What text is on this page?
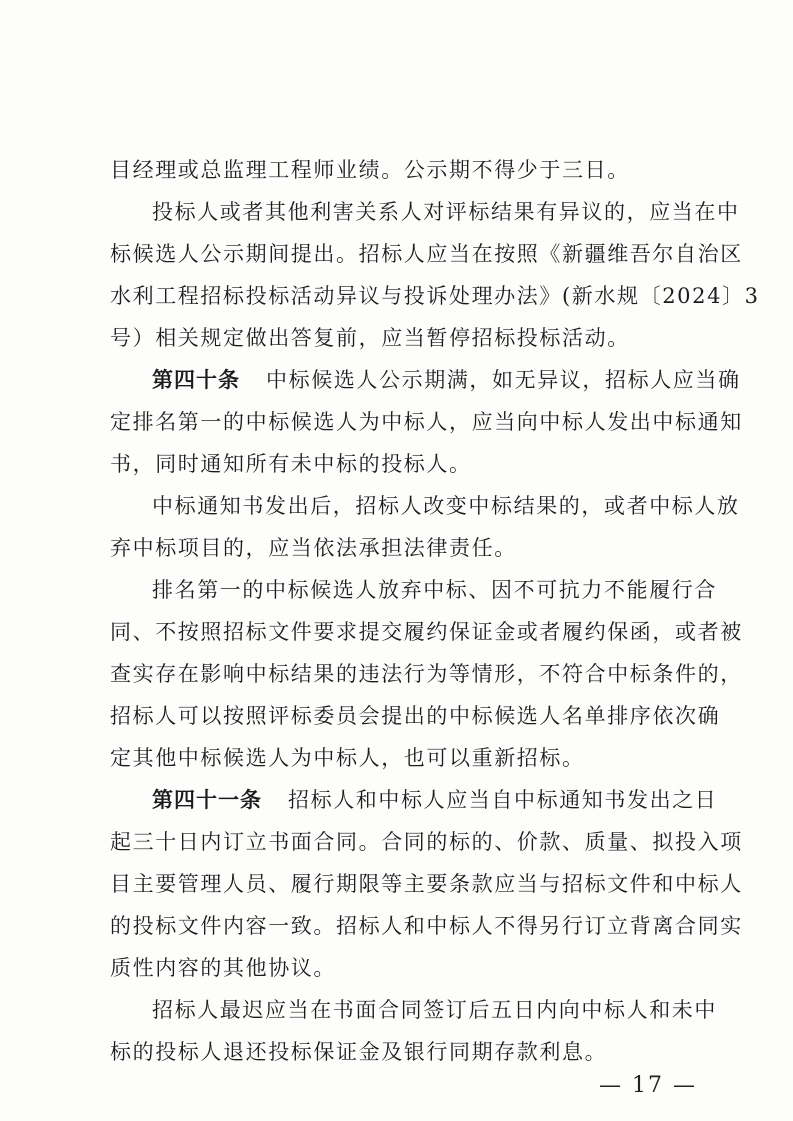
目经理或总监理工程师业绩。公示期不得少于三日。
投标人或者其他利害关系人对评标结果有异议的，应当在中
标候选人公示期间提出。招标人应当在按照《新疆维吾尔自治区
水利工程招标投标活动异议与投诉处理办法》(新水规〔2024〕3
号）相关规定做出答复前，应当暂停招标投标活动。
第四十条 中标候选人公示期满，如无异议，招标人应当确
定排名第一的中标候选人为中标人，应当向中标人发出中标通知
书，同时通知所有未中标的投标人。
中标通知书发出后，招标人改变中标结果的，或者中标人放
弃中标项目的，应当依法承担法律责任。
排名第一的中标候选人放弃中标、因不可抗力不能履行合
同、不按照招标文件要求提交履约保证金或者履约保函，或者被
查实存在影响中标结果的违法行为等情形，不符合中标条件的，
招标人可以按照评标委员会提出的中标候选人名单排序依次确
定其他中标候选人为中标人，也可以重新招标。
第四十一条 招标人和中标人应当自中标通知书发出之日
起三十日内订立书面合同。合同的标的、价款、质量、拟投入项
目主要管理人员、履行期限等主要条款应当与招标文件和中标人
的投标文件内容一致。招标人和中标人不得另行订立背离合同实
质性内容的其他协议。
招标人最迟应当在书面合同签订后五日内向中标人和未中
标的投标人退还投标保证金及银行同期存款利息。
— 17 —
